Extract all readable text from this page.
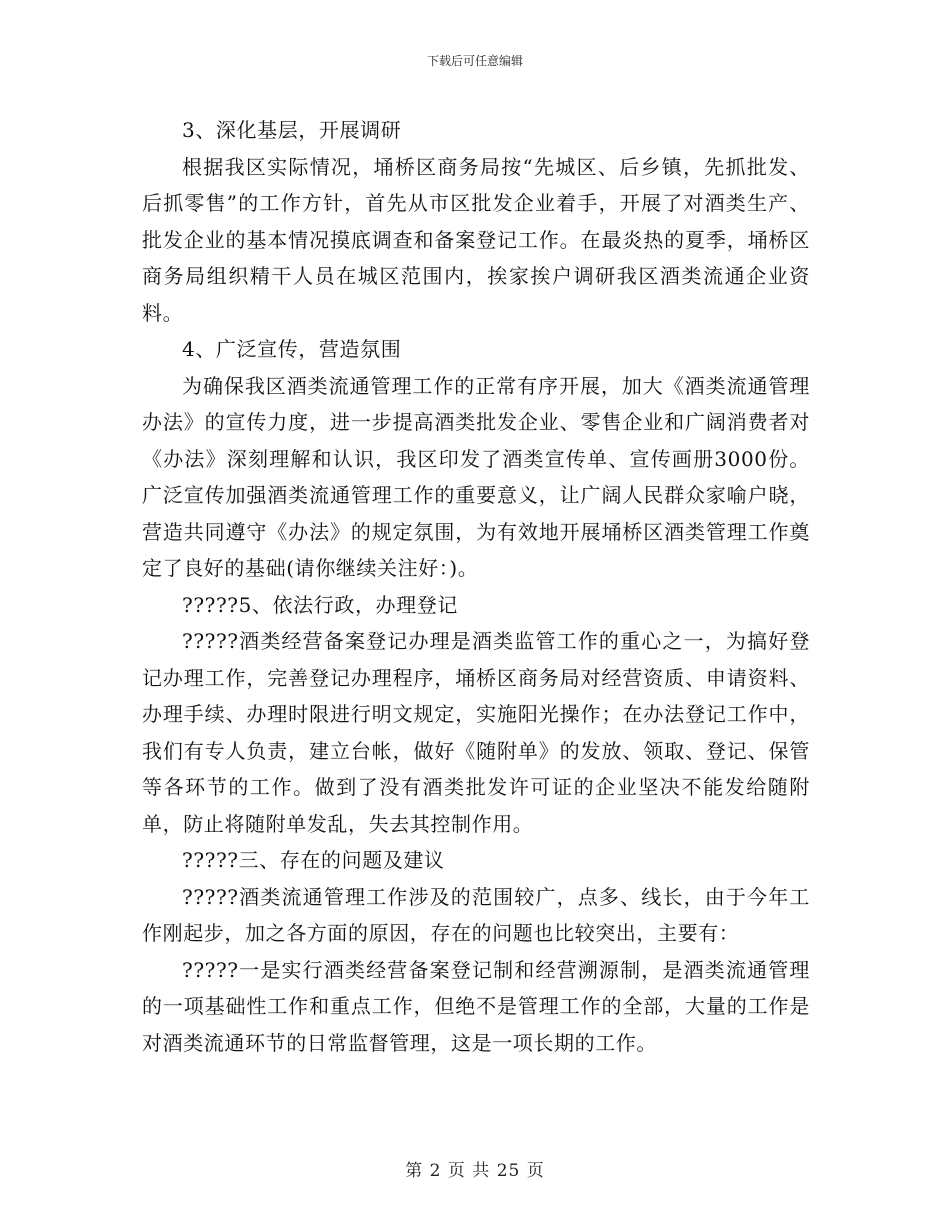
下载后可任意编辑

3、深化基层，开展调研

根据我区实际情况，埇桥区商务局按“先城区、后乡镇，先抓批发、后抓零售”的工作方针，首先从市区批发企业着手，开展了对酒类生产、批发企业的基本情况摸底调查和备案登记工作。在最炎热的夏季，埇桥区商务局组织精干人员在城区范围内，挨家挨户调研我区酒类流通企业资料。

4、广泛宣传，营造氛围

为确保我区酒类流通管理工作的正常有序开展，加大《酒类流通管理办法》的宣传力度，进一步提高酒类批发企业、零售企业和广阔消费者对《办法》深刻理解和认识，我区印发了酒类宣传单、宣传画册3000份。广泛宣传加强酒类流通管理工作的重要意义，让广阔人民群众家喻户晓，营造共同遵守《办法》的规定氛围，为有效地开展埇桥区酒类管理工作奠定了良好的基础(请你继续关注好：)。

?????5、依法行政，办理登记

?????酒类经营备案登记办理是酒类监管工作的重心之一，为搞好登记办理工作，完善登记办理程序，埇桥区商务局对经营资质、申请资料、办理手续、办理时限进行明文规定，实施阳光操作；在办法登记工作中，我们有专人负责，建立台帐，做好《随附单》的发放、领取、登记、保管等各环节的工作。做到了没有酒类批发许可证的企业坚决不能发给随附单，防止将随附单发乱，失去其控制作用。

?????三、存在的问题及建议

?????酒类流通管理工作涉及的范围较广，点多、线长，由于今年工作刚起步，加之各方面的原因，存在的问题也比较突出，主要有：

?????一是实行酒类经营备案登记制和经营溯源制，是酒类流通管理的一项基础性工作和重点工作，但绝不是管理工作的全部，大量的工作是对酒类流通环节的日常监督管理，这是一项长期的工作。

第 2 页 共 25 页
